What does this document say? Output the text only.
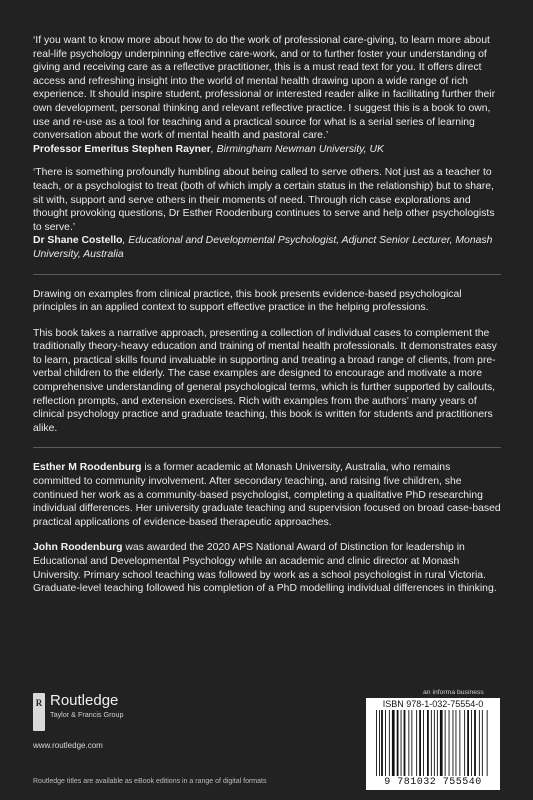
‘If you want to know more about how to do the work of professional care-giving, to learn more about real-life psychology underpinning effective care-work, and or to further foster your understanding of giving and receiving care as a reflective practitioner, this is a must read text for you. It offers direct access and refreshing insight into the world of mental health drawing upon a wide range of rich experience. It should inspire student, professional or interested reader alike in facilitating further their own development, personal thinking and relevant reflective practice. I suggest this is a book to own, use and re-use as a tool for teaching and a practical source for what is a serial series of learning conversation about the work of mental health and pastoral care.’

Professor Emeritus Stephen Rayner, Birmingham Newman University, UK

‘There is something profoundly humbling about being called to serve others. Not just as a teacher to teach, or a psychologist to treat (both of which imply a certain status in the relationship) but to share, sit with, support and serve others in their moments of need. Through rich case explorations and thought provoking questions, Dr Esther Roodenburg continues to serve and help other psychologists to serve.’

Dr Shane Costello, Educational and Developmental Psychologist, Adjunct Senior Lecturer, Monash University, Australia

Drawing on examples from clinical practice, this book presents evidence-based psychological principles in an applied context to support effective practice in the helping professions.

This book takes a narrative approach, presenting a collection of individual cases to complement the traditionally theory-heavy education and training of mental health professionals. It demonstrates easy to learn, practical skills found invaluable in supporting and treating a broad range of clients, from pre-verbal children to the elderly. The case examples are designed to encourage and motivate a more comprehensive understanding of general psychological terms, which is further supported by callouts, reflection prompts, and extension exercises. Rich with examples from the authors’ many years of clinical psychology practice and graduate teaching, this book is written for students and practitioners alike.

Esther M Roodenburg is a former academic at Monash University, Australia, who remains committed to community involvement. After secondary teaching, and raising five children, she continued her work as a community-based psychologist, completing a qualitative PhD researching individual differences. Her university graduate teaching and supervision focused on broad case-based practical applications of evidence-based therapeutic approaches.

John Roodenburg was awarded the 2020 APS National Award of Distinction for leadership in Educational and Developmental Psychology while an academic and clinic director at Monash University. Primary school teaching was followed by work as a school psychologist in rural Victoria. Graduate-level teaching followed his completion of a PhD modelling individual differences in thinking.

R Routledge
Taylor & Francis Group
www.routledge.com
Routledge titles are available as eBook editions in a range of digital formats
an informa business
ISBN 978-1-032-75554-0
9 781032 755540
